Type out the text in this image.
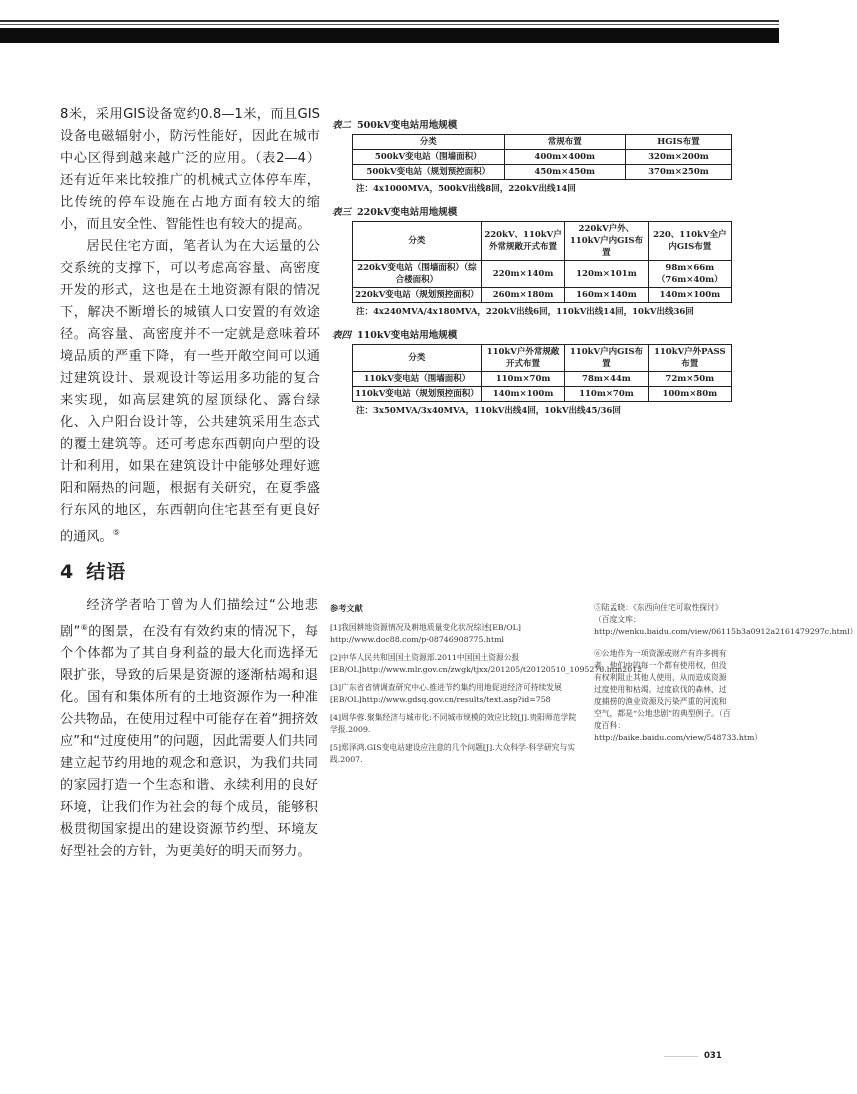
8米，采用GIS设备宽约0.8—1米，而且GIS设备电磁辐射小，防污性能好，因此在城市中心区得到越来越广泛的应用。（表2—4）还有近年来比较推广的机械式立体停车库，比传统的停车设施在占地方面有较大的缩小，而且安全性、智能性也有较大的提高。

居民住宅方面，笔者认为在大运量的公交系统的支撑下，可以考虑高容量、高密度开发的形式，这也是在土地资源有限的情况下，解决不断增长的城镇人口安置的有效途径。高容量、高密度并不一定就是意味着环境品质的严重下降，有一些开敞空间可以通过建筑设计、景观设计等运用多功能的复合来实现，如高层建筑的屋顶绿化、露台绿化、入户阳台设计等，公共建筑采用生态式的覆土建筑等。还可考虑东西朝向户型的设计和利用，如果在建筑设计中能够处理好遮阳和隔热的问题，根据有关研究，在夏季盛行东风的地区，东西朝向住宅甚至有更良好的通风。⑤

4 结语

经济学者哈丁曾为人们描绘过“公地悲剧”⑥的图景，在没有有效约束的情况下，每个个体都为了其自身利益的最大化而选择无限扩张，导致的后果是资源的逐渐枯竭和退化。国有和集体所有的土地资源作为一种准公共物品，在使用过程中可能存在着“拥挤效应”和“过度使用”的问题，因此需要人们共同建立起节约用地的观念和意识，为我们共同的家园打造一个生态和谐、永续利用的良好环境，让我们作为社会的每个成员，能够积极贯彻国家提出的建设资源节约型、环境友好型社会的方针，为更美好的明天而努力。

表二 500kV变电站用地规模

分类	常规布置	HGIS布置
500kV变电站（围墙面积）	400m×400m	320m×200m
500kV变电站（规划预控面积）	450m×450m	370m×250m

注：4x1000MVA，500kV出线8回，220kV出线14回

表三 220kV变电站用地规模

分类	220kV、110kV户外常规敞开式布置	220kV户外、110kV户内GIS布置	220、110kV全户内GIS布置
220kV变电站（围墙面积）（综合楼面积）	220m×140m	120m×101m	98m×66m（76m×40m）
220kV变电站（规划预控面积）	260m×180m	160m×140m	140m×100m

注：4x240MVA/4x180MVA，220kV出线6回，110kV出线14回，10kV出线36回

表四 110kV变电站用地规模

分类	110kV户外常规敞开式布置	110kV户内GIS布置	110kV户外PASS布置
110kV变电站（围墙面积）	110m×70m	78m×44m	72m×50m
110kV变电站（规划预控面积）	140m×100m	110m×70m	100m×80m

注：3x50MVA/3x40MVA，110kV出线4回，10kV出线45/36回

参考文献

[1]我国耕地资源情况及耕地质量变化状况综述[EB/OL] http://www.doc88.com/p-08746908775.html

[2]中华人民共和国国土资源部.2011中国国土资源公报[EB/OL]http://www.mlr.gov.cn/zwgk/tjxx/201205/t20120510_1095276.htm2012

[3]广东省省情调查研究中心.推进节约集约用地促进经济可持续发展[EB/OL]http://www.gdsq.gov.cn/results/text.asp?id=758

[4]周华蓉.聚集经济与城市化:不同城市规模的效应比较[J].贵阳师范学院学报.2009.

[5]郑泽鸿.GIS变电站建设应注意的几个问题[J].大众科学·科学研究与实践.2007.

⑤陆孟晓：《东西向住宅可取性探讨》（百度文库：http://wenku.baidu.com/view/06115b3a0912a2161479297c.html）

⑥公地作为一项资源或财产有许多拥有者，他们中的每一个都有使用权，但没有权利阻止其他人使用，从而造成资源过度使用和枯竭。过度砍伐的森林、过度捕捞的渔业资源及污染严重的河流和空气，都是“公地悲剧”的典型例子。（百度百科：http://baike.baidu.com/view/548733.htm）

031
